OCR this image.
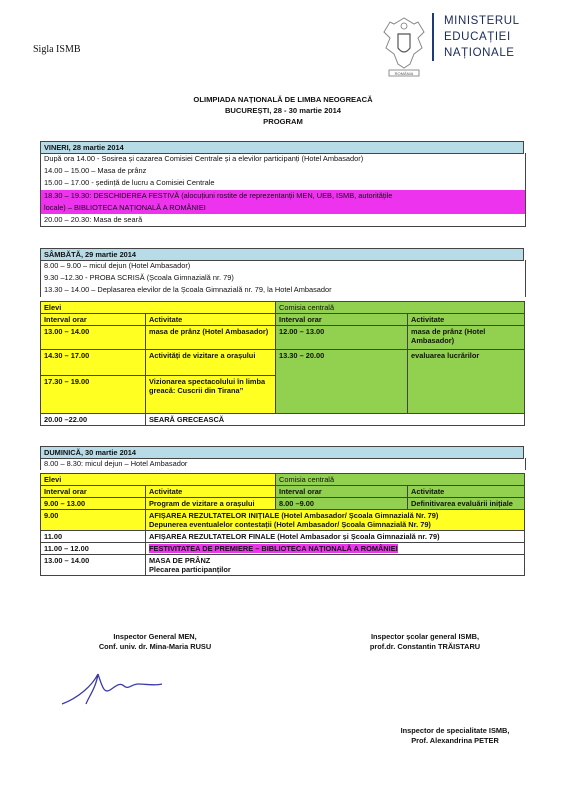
Sigla ISMB
ROMÂNIA
MINISTERUL
EDUCAȚIEI
NAȚIONALE
OLIMPIADA NAȚIONALĂ DE LIMBA NEOGREACĂ
BUCUREȘTI, 28 - 30 martie 2014
PROGRAM
VINERI, 28 martie 2014
După ora 14.00 - Sosirea și cazarea Comisiei Centrale și a elevilor participanți (Hotel Ambasador)
14.00 – 15.00 – Masa de prânz
15.00 – 17.00 - ședință de lucru a Comisiei Centrale
18.30 – 19.30: DESCHIDEREA FESTIVĂ (alocuțiuni rostite de reprezentanții MEN, UEB, ISMB, autoritățile
locale) – BIBLIOTECA NAȚIONALĂ A ROMÂNIEI
20.00 – 20.30: Masa de seară
SÂMBĂTĂ, 29 martie 2014
8.00 – 9.00 – micul dejun (Hotel Ambasador)
9.30 –12.30 - PROBA SCRISĂ (Școala Gimnazială nr. 79)
13.30 – 14.00 – Deplasarea elevilor de la Școala Gimnazială nr. 79, la Hotel Ambasador
Elevi		Comisia centrală	
Interval orar	Activitate	Interval orar	Activitate
13.00 – 14.00	masa de prânz (Hotel Ambasador)	12.00 – 13.00	masa de prânz (Hotel Ambasador)
14.30 – 17.00	Activități de vizitare a orașului	13.30 – 20.00	evaluarea lucrărilor
17.30 – 19.00	Vizionarea spectacolului în limba greacă: Cuscrii din Tirana”		
20.00 –22.00	SEARĂ GRECEASCĂ		
DUMINICĂ, 30 martie 2014
8.00 – 8.30: micul dejun – Hotel Ambasador
Elevi		Comisia centrală	
Interval orar	Activitate	Interval orar	Activitate
9.00 – 13.00	Program de vizitare a orașului	8.00 –9.00	Definitivarea evaluării inițiale
9.00	AFIȘAREA REZULTATELOR INIȚIALE (Hotel Ambasador/ Școala Gimnazială Nr. 79)
Depunerea eventualelor contestații (Hotel Ambasador/ Școala Gimnazială Nr. 79)		

11.00	AFIȘAREA REZULTATELOR FINALE (Hotel Ambasador și Școala Gimnazială nr. 79)		
11.00 – 12.00	FESTIVITATEA DE PREMIERE – BIBLIOTECA NAȚIONALĂ A ROMÂNIEI		
13.00 – 14.00	MASA DE PRÂNZ
Plecarea participanților		
Inspector General MEN,
Conf. univ. dr. Mina-Maria RUSU
Inspector școlar general ISMB,
prof.dr. Constantin TRĂISTARU
Inspector de specialitate ISMB,
Prof. Alexandrina PETER
